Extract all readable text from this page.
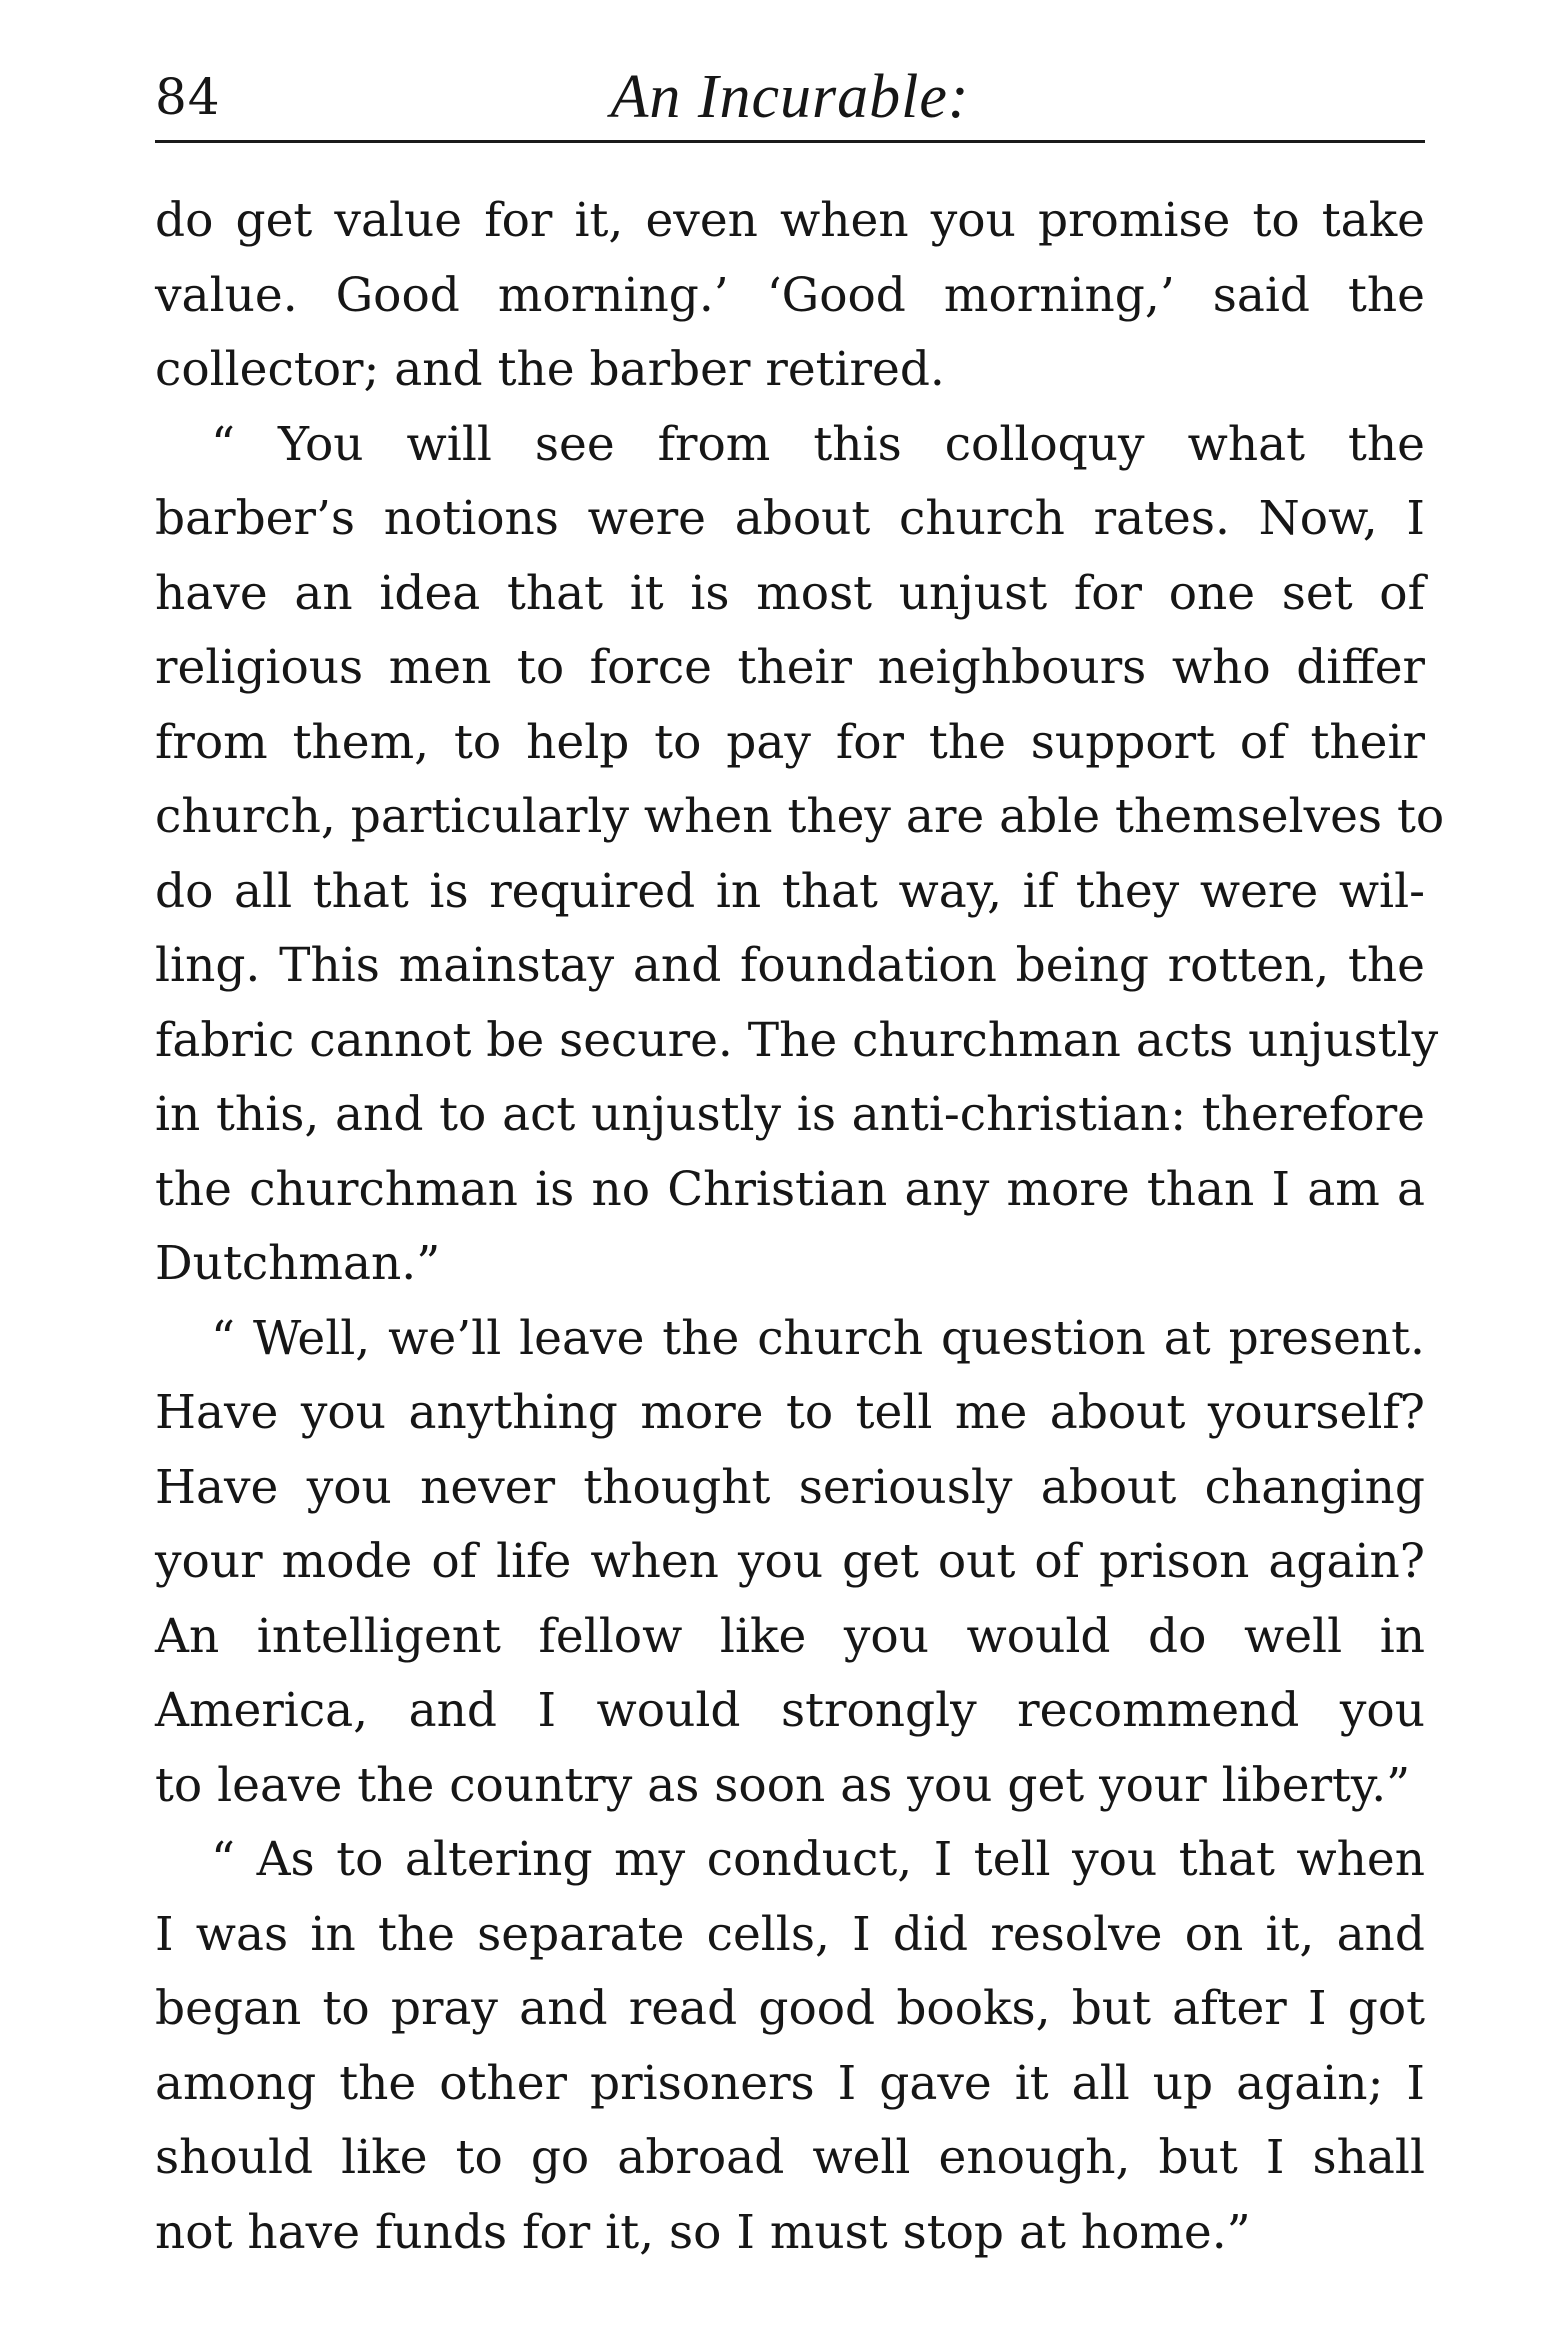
84	An Incurable:
do get value for it, even when you promise to take
value. Good morning.’ ‘Good morning,’ said the
collector; and the barber retired.
“ You will see from this colloquy what the
barber’s notions were about church rates. Now, I
have an idea that it is most unjust for one set of
religious men to force their neighbours who differ
from them, to help to pay for the support of their
church, particularly when they are able themselves to
do all that is required in that way, if they were wil-
ling. This mainstay and foundation being rotten, the
fabric cannot be secure. The churchman acts unjustly
in this, and to act unjustly is anti-christian: therefore
the churchman is no Christian any more than I am a
Dutchman.”
“ Well, we’ll leave the church question at present.
Have you anything more to tell me about yourself?
Have you never thought seriously about changing
your mode of life when you get out of prison again?
An intelligent fellow like you would do well in
America, and I would strongly recommend you
to leave the country as soon as you get your liberty.”
“ As to altering my conduct, I tell you that when
I was in the separate cells, I did resolve on it, and
began to pray and read good books, but after I got
among the other prisoners I gave it all up again; I
should like to go abroad well enough, but I shall
not have funds for it, so I must stop at home.”
